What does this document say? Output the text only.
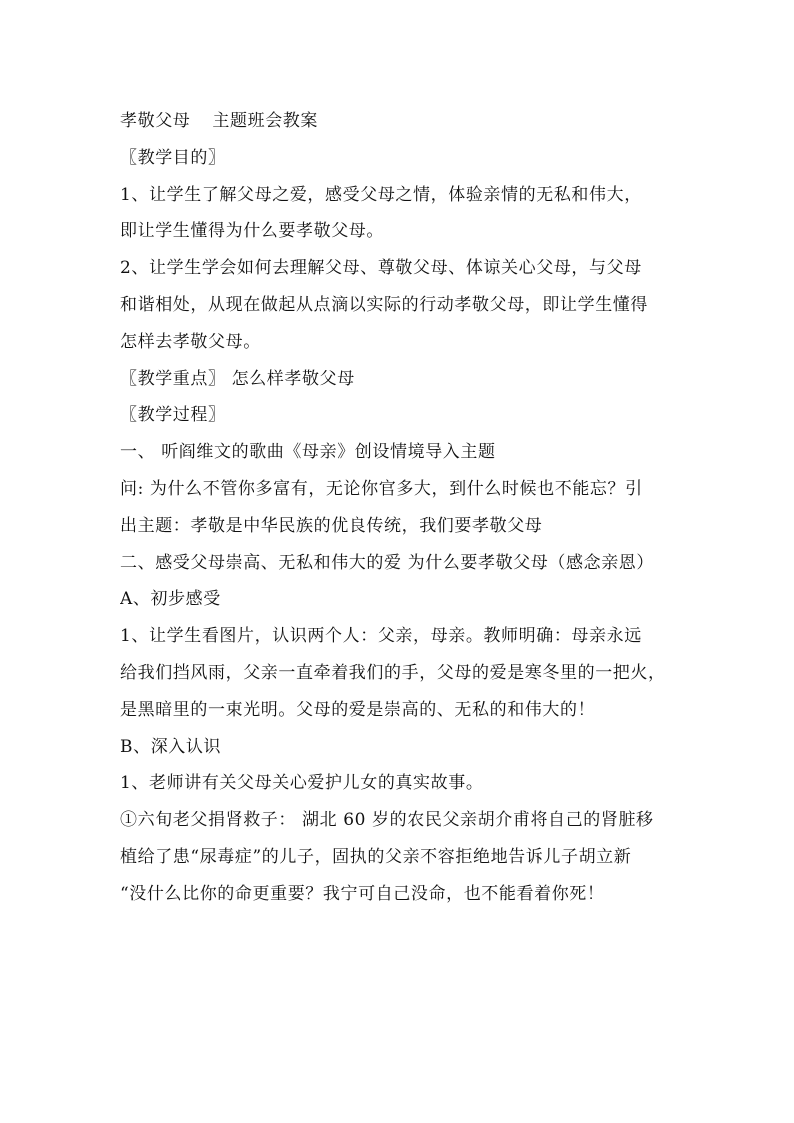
孝敬父母 主题班会教案
〖教学目的〗
1、让学生了解父母之爱，感受父母之情，体验亲情的无私和伟大，
即让学生懂得为什么要孝敬父母。
2、让学生学会如何去理解父母、尊敬父母、体谅关心父母，与父母
和谐相处，从现在做起从点滴以实际的行动孝敬父母，即让学生懂得
怎样去孝敬父母。
〖教学重点〗 怎么样孝敬父母
〖教学过程〗
一、 听阎维文的歌曲《母亲》创设情境导入主题
问: 为什么不管你多富有，无论你官多大，到什么时候也不能忘？引
出主题：孝敬是中华民族的优良传统，我们要孝敬父母
二、感受父母崇高、无私和伟大的爱 为什么要孝敬父母（感念亲恩）
A、初步感受
1、让学生看图片，认识两个人：父亲，母亲。教师明确：母亲永远
给我们挡风雨，父亲一直牵着我们的手，父母的爱是寒冬里的一把火，
是黑暗里的一束光明。父母的爱是崇高的、无私的和伟大的！
B、深入认识
1、老师讲有关父母关心爱护儿女的真实故事。
①六旬老父捐肾救子： 湖北 60 岁的农民父亲胡介甫将自己的肾脏移
植给了患“尿毒症”的儿子，固执的父亲不容拒绝地告诉儿子胡立新
“没什么比你的命更重要？我宁可自己没命，也不能看着你死！
